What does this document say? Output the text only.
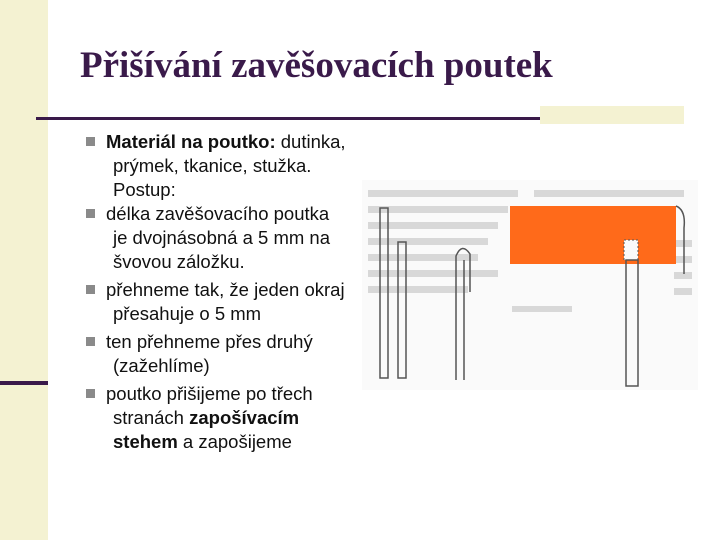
Přišívání zavěšovacích poutek
Materiál na poutko: dutinka,
prýmek, tkanice, stužka.
Postup:
délka zavěšovacího poutka
je dvojnásobná a 5 mm na
švovou záložku.
přehneme tak, že jeden okraj
přesahuje o 5 mm
ten přehneme přes druhý
(zažehlíme)
poutko přišijeme po třech
stranách zapošívacím
stehem a zapošijeme
